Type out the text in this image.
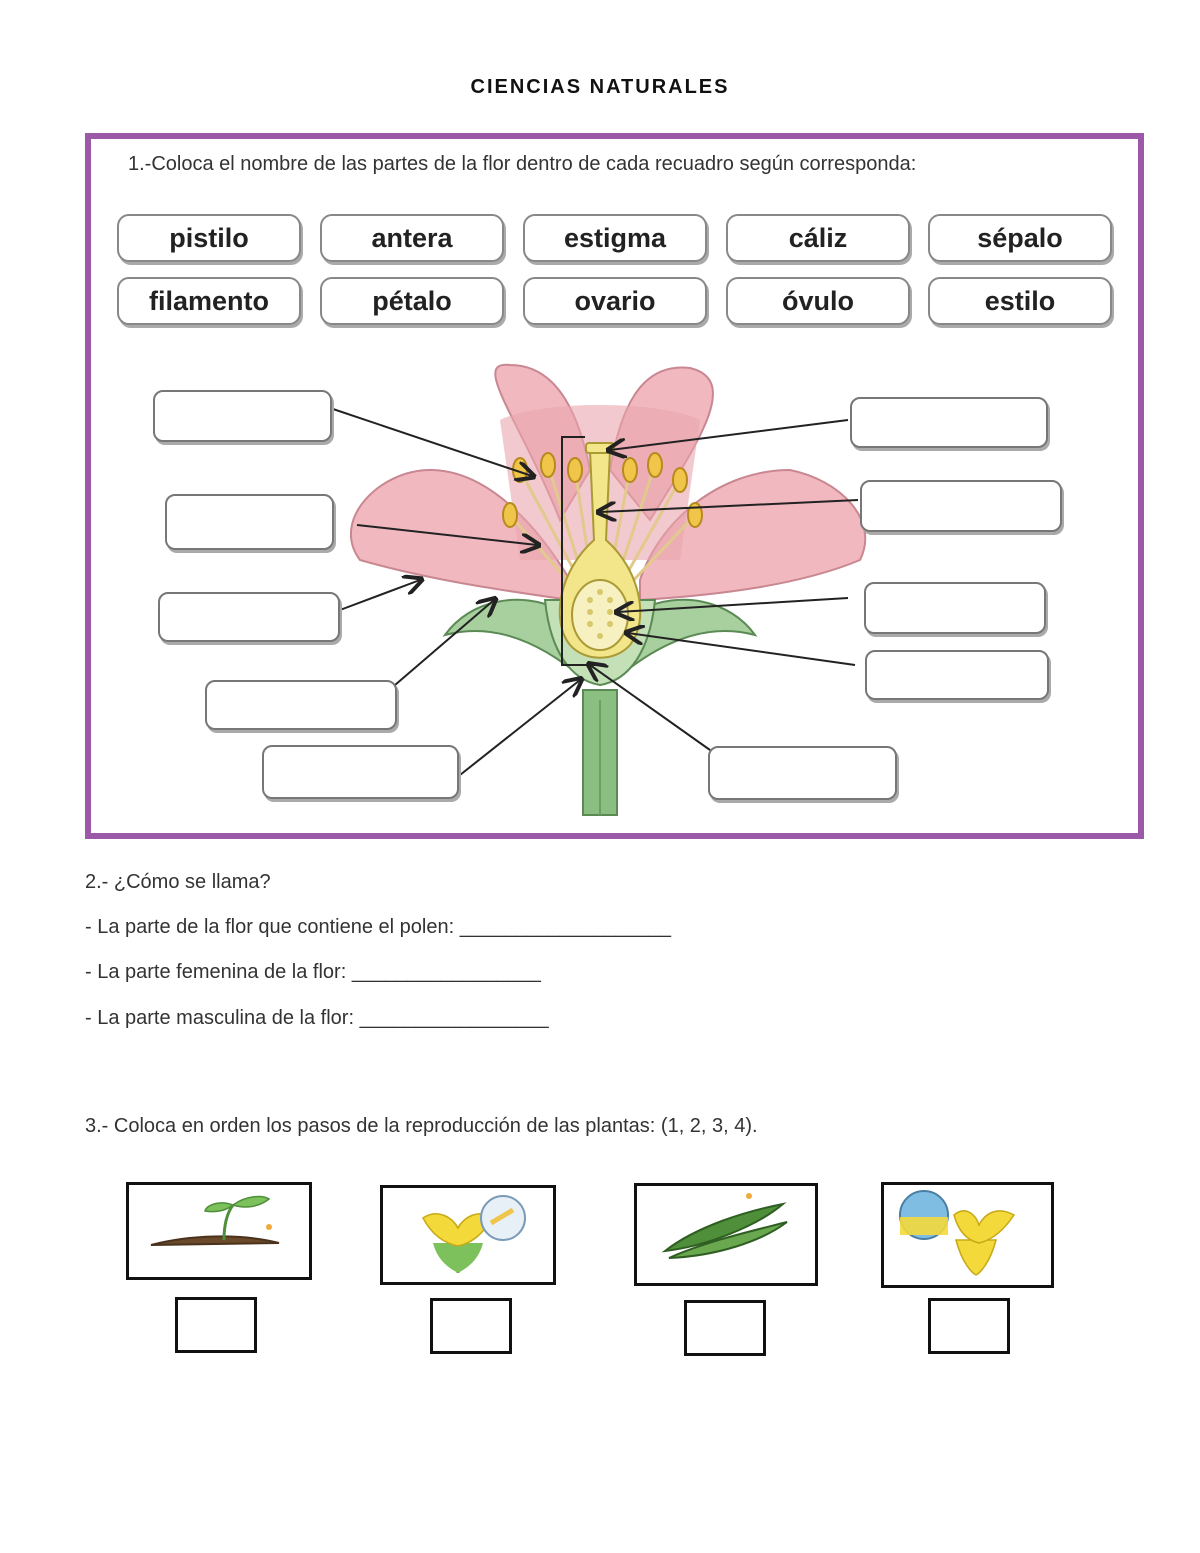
CIENCIAS NATURALES
1.-Coloca el nombre de las partes de la flor dentro de cada recuadro según corresponda:
pistilo	antera	estigma	cáliz	sépalo
filamento	pétalo	ovario	óvulo	estilo
2.- ¿Cómo se llama?
- La parte de la flor que contiene el polen: ___________________
- La parte femenina de la flor: _________________
- La parte masculina de la flor: _________________
3.- Coloca en orden los pasos de la reproducción de las plantas: (1, 2, 3, 4).
